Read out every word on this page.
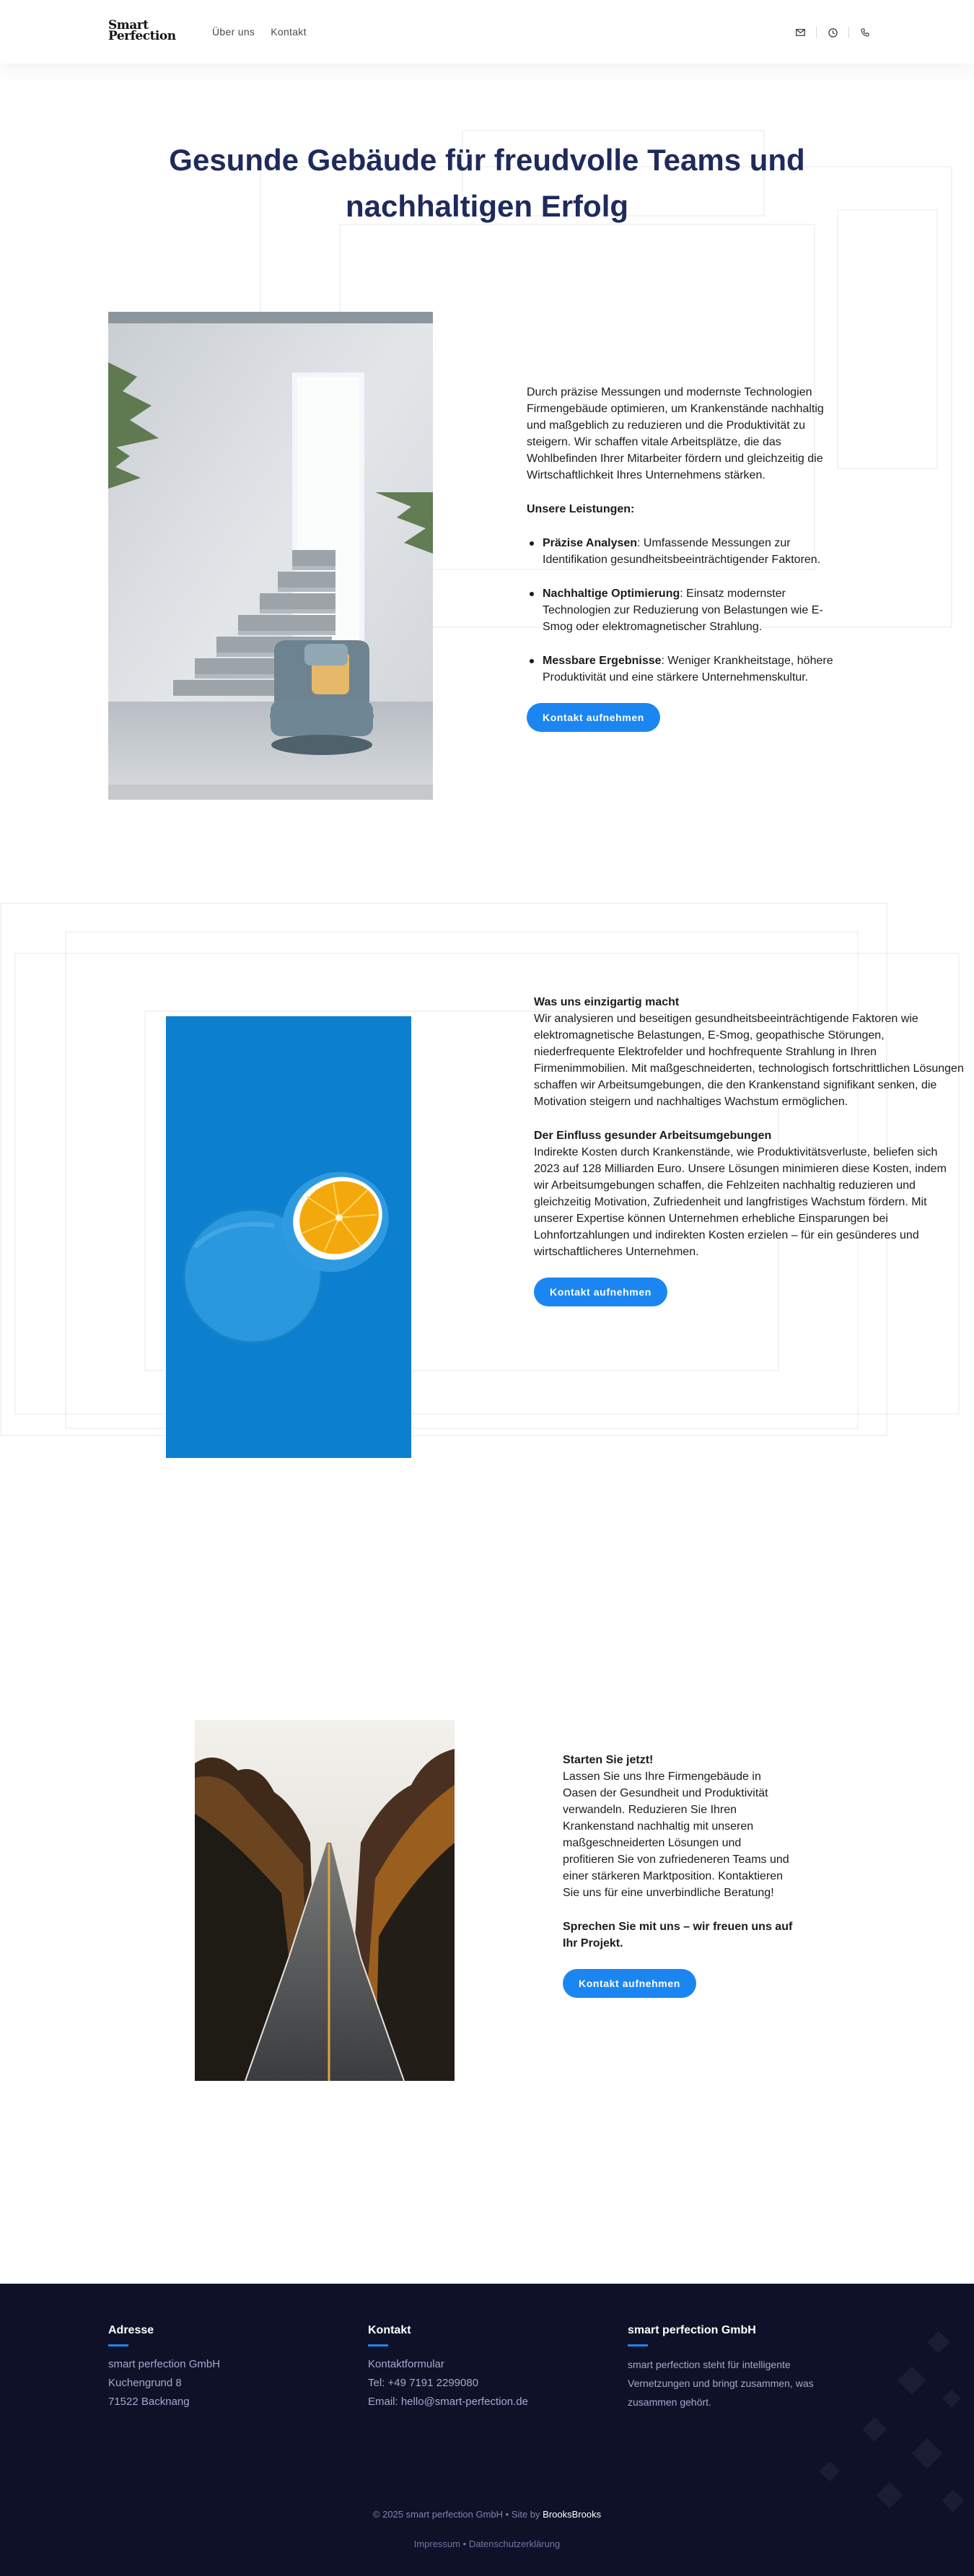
Smart
Perfection	Über uns Kontakt
Gesunde Gebäude für freudvolle Teams und nachhaltigen Erfolg

Durch präzise Messungen und modernste Technologien Firmengebäude optimieren, um Krankenstände nachhaltig und maßgeblich zu reduzieren und die Produktivität zu steigern. Wir schaffen vitale Arbeitsplätze, die das Wohlbefinden Ihrer Mitarbeiter fördern und gleichzeitig die Wirtschaftlichkeit Ihres Unternehmens stärken.

Unsere Leistungen:

Präzise Analysen: Umfassende Messungen zur Identifikation gesundheitsbeeinträchtigender Faktoren.
Nachhaltige Optimierung: Einsatz modernster Technologien zur Reduzierung von Belastungen wie E-Smog oder elektromagnetischer Strahlung.
Messbare Ergebnisse: Weniger Krankheitstage, höhere Produktivität und eine stärkere Unternehmenskultur.
Kontakt aufnehmen

Was uns einzigartig macht
Wir analysieren und beseitigen gesundheitsbeeinträchtigende Faktoren wie elektromagnetische Belastungen, E-Smog, geopathische Störungen, niederfrequente Elektrofelder und hochfrequente Strahlung in Ihren Firmenimmobilien. Mit maßgeschneiderten, technologisch fortschrittlichen Lösungen schaffen wir Arbeitsumgebungen, die den Krankenstand signifikant senken, die Motivation steigern und nachhaltiges Wachstum ermöglichen.

Der Einfluss gesunder Arbeitsumgebungen
Indirekte Kosten durch Krankenstände, wie Produktivitätsverluste, beliefen sich 2023 auf 128 Milliarden Euro. Unsere Lösungen minimieren diese Kosten, indem wir Arbeitsumgebungen schaffen, die Fehlzeiten nachhaltig reduzieren und gleichzeitig Motivation, Zufriedenheit und langfristiges Wachstum fördern. Mit unserer Expertise können Unternehmen erhebliche Einsparungen bei Lohnfortzahlungen und indirekten Kosten erzielen – für ein gesünderes und wirtschaftlicheres Unternehmen.

Kontakt aufnehmen

Starten Sie jetzt!
Lassen Sie uns Ihre Firmengebäude in Oasen der Gesundheit und Produktivität verwandeln. Reduzieren Sie Ihren Krankenstand nachhaltig mit unseren maßgeschneiderten Lösungen und profitieren Sie von zufriedeneren Teams und einer stärkeren Marktposition. Kontaktieren Sie uns für eine unverbindliche Beratung!

Sprechen Sie mit uns – wir freuen uns auf Ihr Projekt.

Kontakt aufnehmen
Adresse
smart perfection GmbH
Kuchengrund 8
71522 Backnang
Kontakt
Kontaktformular
Tel: +49 7191 2299080
Email: hello@smart-perfection.de
smart perfection GmbH
smart perfection steht für intelligente
Vernetzungen und bringt zusammen, was
zusammen gehört.
© 2025 smart perfection GmbH • Site by BrooksBrooks
Impressum • Datenschutzerklärung
